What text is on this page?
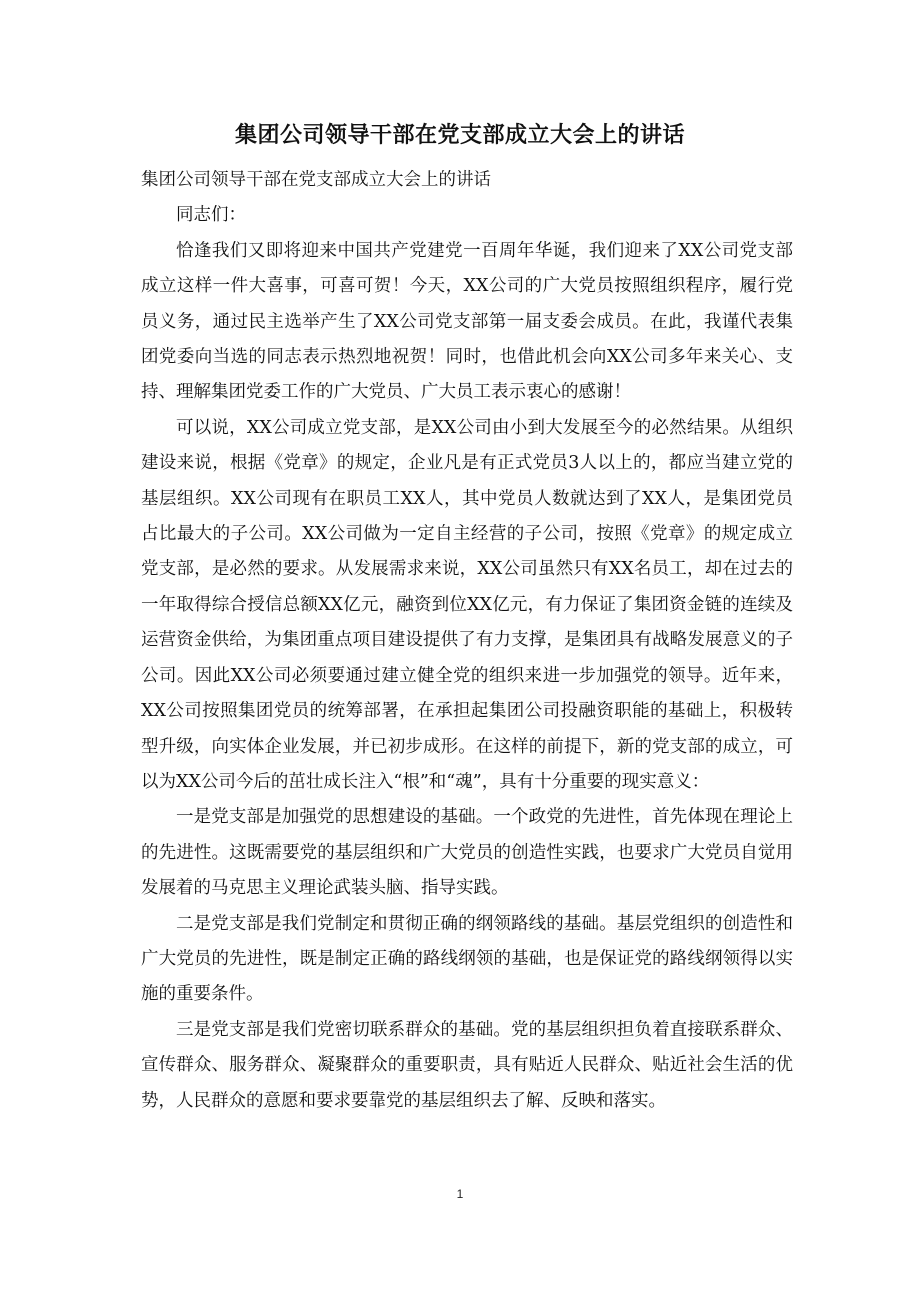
集团公司领导干部在党支部成立大会上的讲话

集团公司领导干部在党支部成立大会上的讲话

同志们：

恰逢我们又即将迎来中国共产党建党一百周年华诞，我们迎来了XX公司党支部成立这样一件大喜事，可喜可贺！今天，XX公司的广大党员按照组织程序，履行党员义务，通过民主选举产生了XX公司党支部第一届支委会成员。在此，我谨代表集团党委向当选的同志表示热烈地祝贺！同时，也借此机会向XX公司多年来关心、支持、理解集团党委工作的广大党员、广大员工表示衷心的感谢！

可以说，XX公司成立党支部，是XX公司由小到大发展至今的必然结果。从组织建设来说，根据《党章》的规定，企业凡是有正式党员3人以上的，都应当建立党的基层组织。XX公司现有在职员工XX人，其中党员人数就达到了XX人，是集团党员占比最大的子公司。XX公司做为一定自主经营的子公司，按照《党章》的规定成立党支部，是必然的要求。从发展需求来说，XX公司虽然只有XX名员工，却在过去的一年取得综合授信总额XX亿元，融资到位XX亿元，有力保证了集团资金链的连续及运营资金供给，为集团重点项目建设提供了有力支撑，是集团具有战略发展意义的子公司。因此XX公司必须要通过建立健全党的组织来进一步加强党的领导。近年来，XX公司按照集团党员的统筹部署，在承担起集团公司投融资职能的基础上，积极转型升级，向实体企业发展，并已初步成形。在这样的前提下，新的党支部的成立，可以为XX公司今后的茁壮成长注入“根”和“魂”，具有十分重要的现实意义：

一是党支部是加强党的思想建设的基础。一个政党的先进性，首先体现在理论上的先进性。这既需要党的基层组织和广大党员的创造性实践，也要求广大党员自觉用发展着的马克思主义理论武装头脑、指导实践。

二是党支部是我们党制定和贯彻正确的纲领路线的基础。基层党组织的创造性和广大党员的先进性，既是制定正确的路线纲领的基础，也是保证党的路线纲领得以实施的重要条件。

三是党支部是我们党密切联系群众的基础。党的基层组织担负着直接联系群众、宣传群众、服务群众、凝聚群众的重要职责，具有贴近人民群众、贴近社会生活的优势，人民群众的意愿和要求要靠党的基层组织去了解、反映和落实。

1
